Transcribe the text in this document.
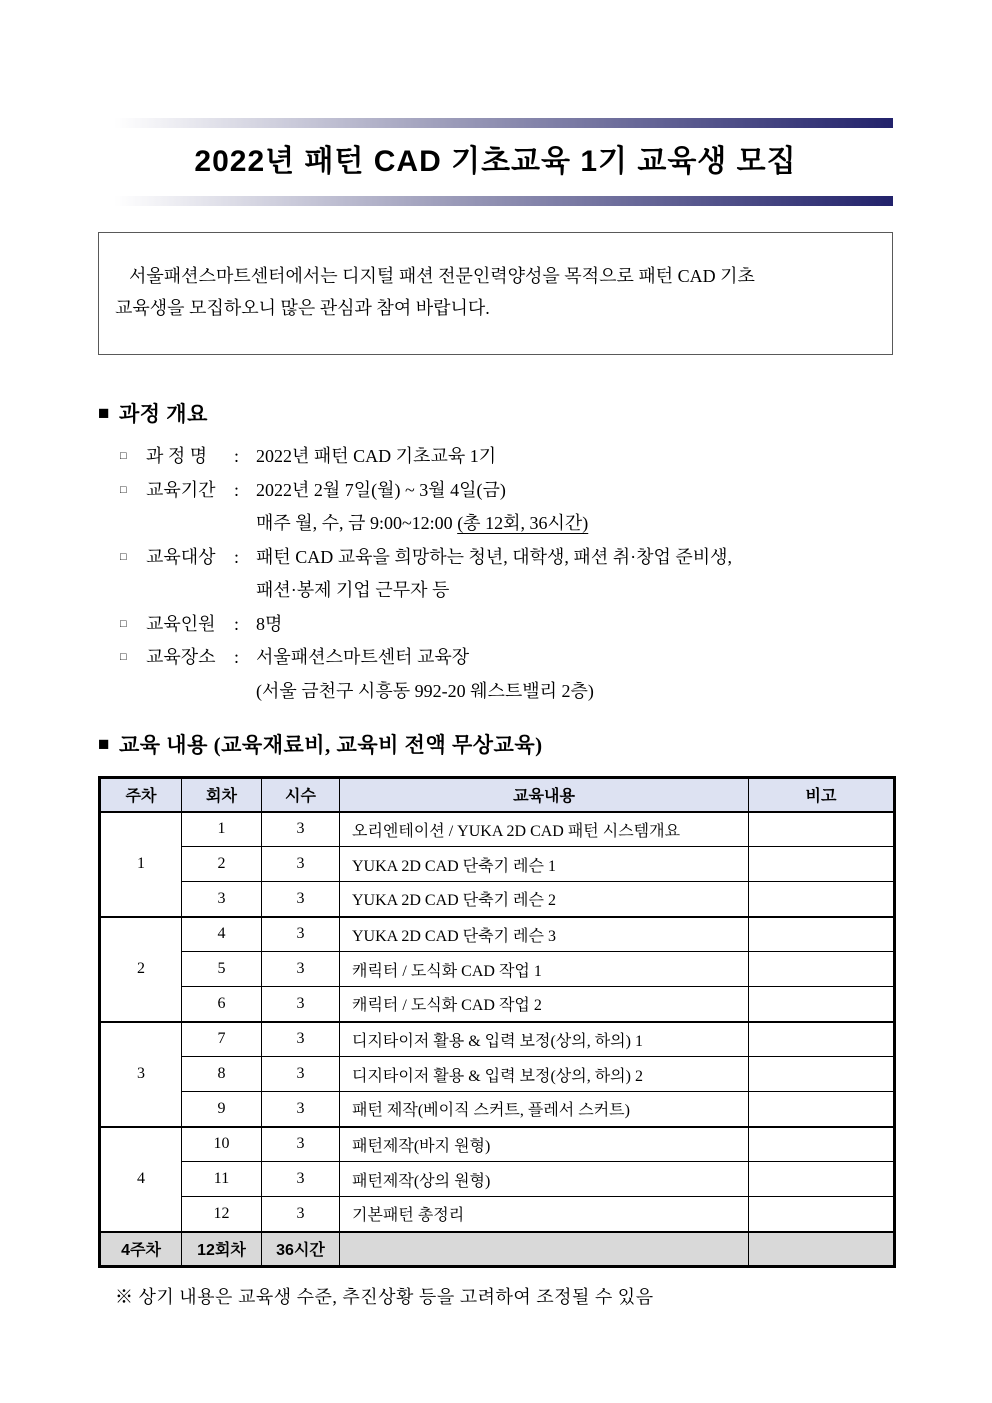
2022년 패턴 CAD 기초교육 1기 교육생 모집
서울패션스마트센터에서는 디지털 패션 전문인력양성을 목적으로 패턴 CAD 기초
교육생을 모집하오니 많은 관심과 참여 바랍니다.
■ 과정 개요
□	과 정 명	: 2022년 패턴 CAD 기초교육 1기
□	교육기간	: 2022년 2월 7일(월) ~ 3월 4일(금)
매주 월, 수, 금 9:00~12:00 (총 12회, 36시간)
□	교육대상	: 패턴 CAD 교육을 희망하는 청년, 대학생, 패션 취·창업 준비생,
패션·봉제 기업 근무자 등
□	교육인원	: 8명
□	교육장소	: 서울패션스마트센터 교육장
(서울 금천구 시흥동 992-20 웨스트밸리 2층)
■ 교육 내용 (교육재료비, 교육비 전액 무상교육)
주차	회차	시수	교육내용	비고
1	1	3	오리엔테이션 / YUKA 2D CAD 패턴 시스템개요	
	2	3	YUKA 2D CAD 단축기 레슨 1	
	3	3	YUKA 2D CAD 단축기 레슨 2	
2	4	3	YUKA 2D CAD 단축기 레슨 3	
	5	3	캐릭터 / 도식화 CAD 작업 1	
	6	3	캐릭터 / 도식화 CAD 작업 2	
3	7	3	디지타이저 활용 & 입력 보정(상의, 하의) 1	
	8	3	디지타이저 활용 & 입력 보정(상의, 하의) 2	
	9	3	패턴 제작(베이직 스커트, 플레서 스커트)	
4	10	3	패턴제작(바지 원형)	
	11	3	패턴제작(상의 원형)	
	12	3	기본패턴 총정리	
4주차	12회차	36시간		
※ 상기 내용은 교육생 수준, 추진상황 등을 고려하여 조정될 수 있음
